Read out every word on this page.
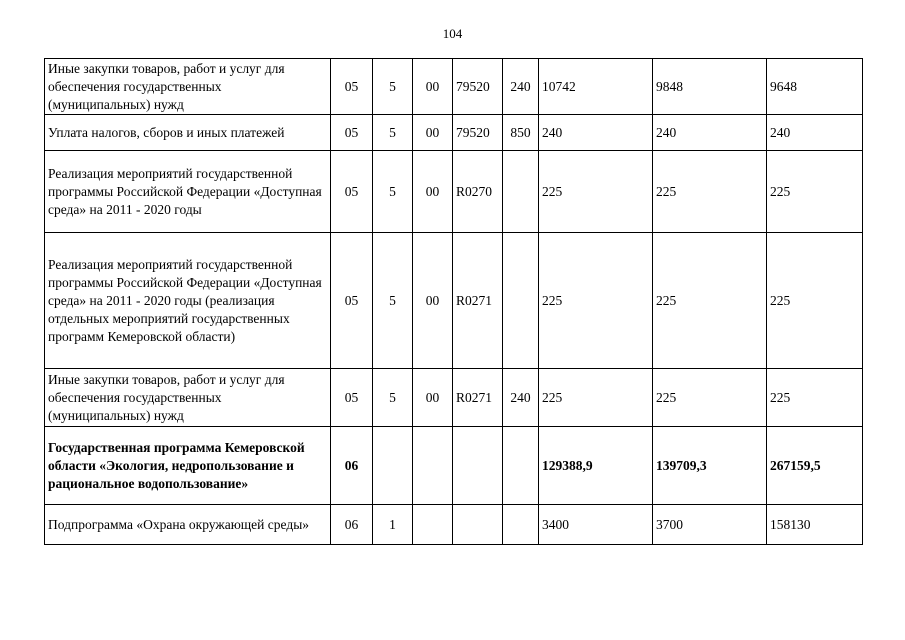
104
Иные закупки товаров, работ и услуг для обеспечения государственных (муниципальных) нужд	05	5	00	79520	240	10742	9848	9648
Уплата налогов, сборов и иных платежей	05	5	00	79520	850	240	240	240
Реализация мероприятий государственной программы Российской Федерации «Доступная среда» на 2011 - 2020 годы	05	5	00	R0270		225	225	225
Реализация мероприятий государственной программы Российской Федерации «Доступная среда» на 2011 - 2020 годы (реализация отдельных мероприятий государственных программ Кемеровской области)	05	5	00	R0271		225	225	225
Иные закупки товаров, работ и услуг для обеспечения государственных (муниципальных) нужд	05	5	00	R0271	240	225	225	225
Государственная программа Кемеровской области «Экология, недропользование и рациональное водопользование»	06					129388,9	139709,3	267159,5
Подпрограмма «Охрана окружающей среды»	06	1				3400	3700	158130
